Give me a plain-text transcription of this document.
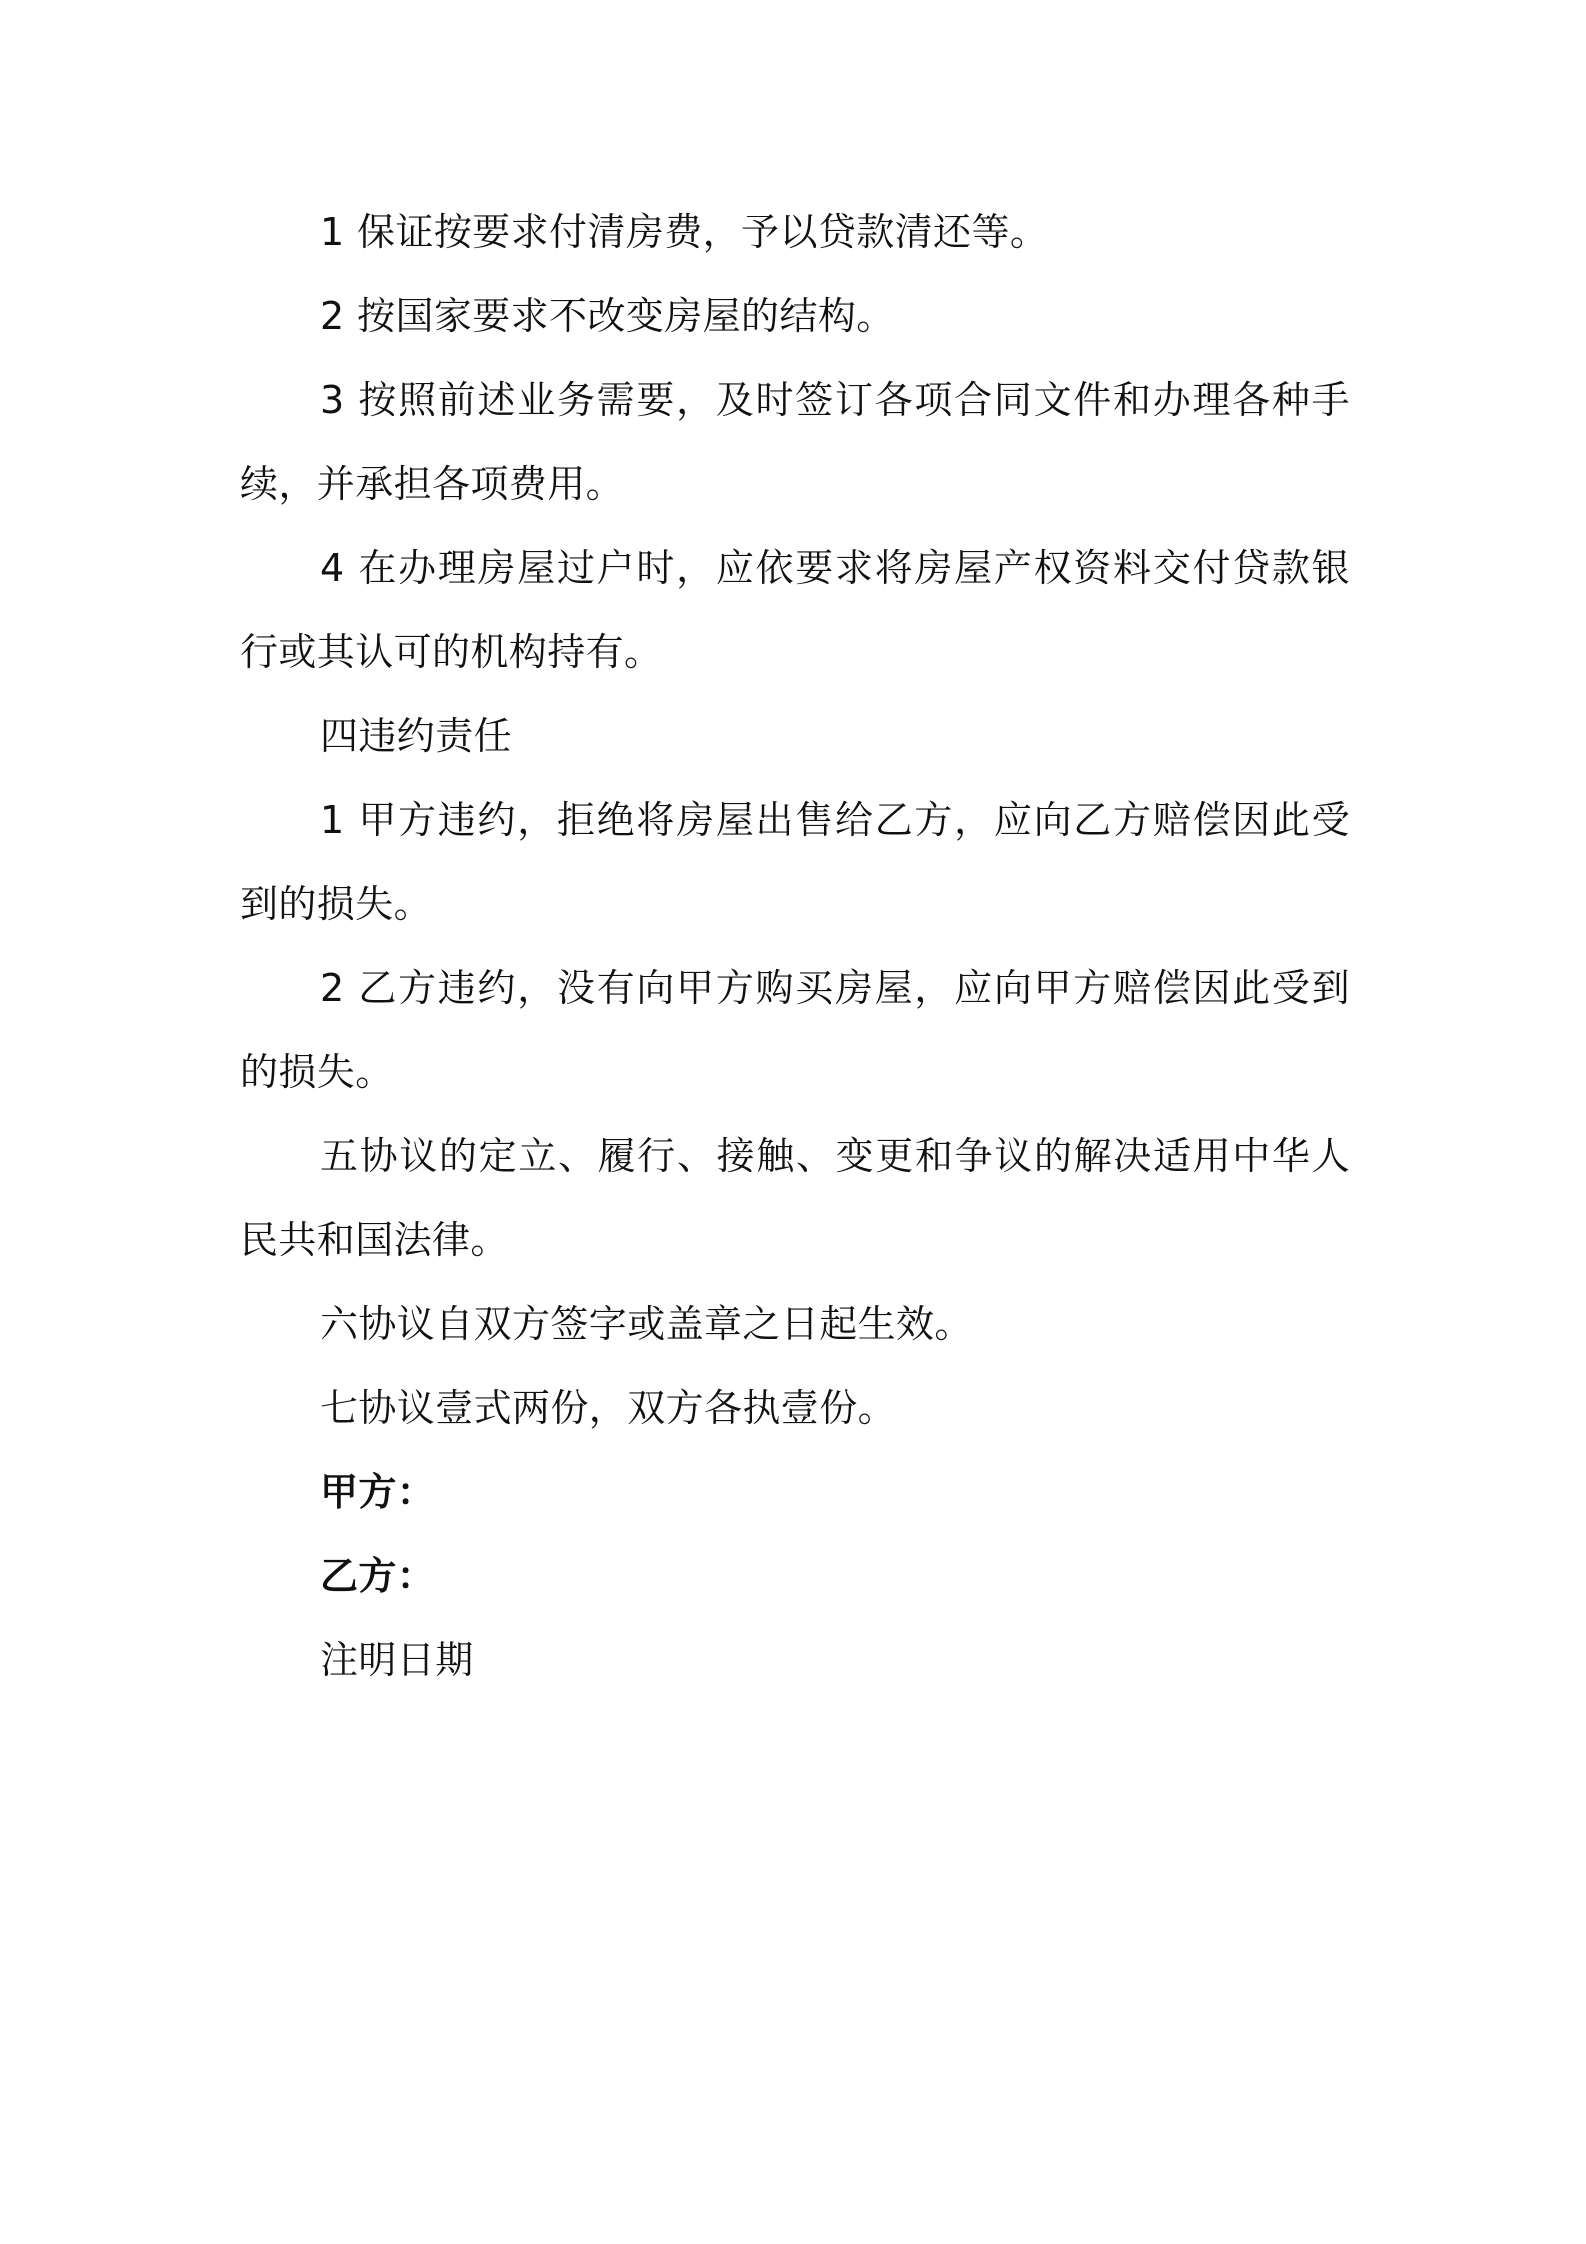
1 保证按要求付清房费，予以贷款清还等。

2 按国家要求不改变房屋的结构。

3 按照前述业务需要，及时签订各项合同文件和办理各种手续，并承担各项费用。

4 在办理房屋过户时，应依要求将房屋产权资料交付贷款银行或其认可的机构持有。

四违约责任

1 甲方违约，拒绝将房屋出售给乙方，应向乙方赔偿因此受到的损失。

2 乙方违约，没有向甲方购买房屋，应向甲方赔偿因此受到的损失。

五协议的定立、履行、接触、变更和争议的解决适用中华人民共和国法律。

六协议自双方签字或盖章之日起生效。

七协议壹式两份，双方各执壹份。

甲方：

乙方：

注明日期
